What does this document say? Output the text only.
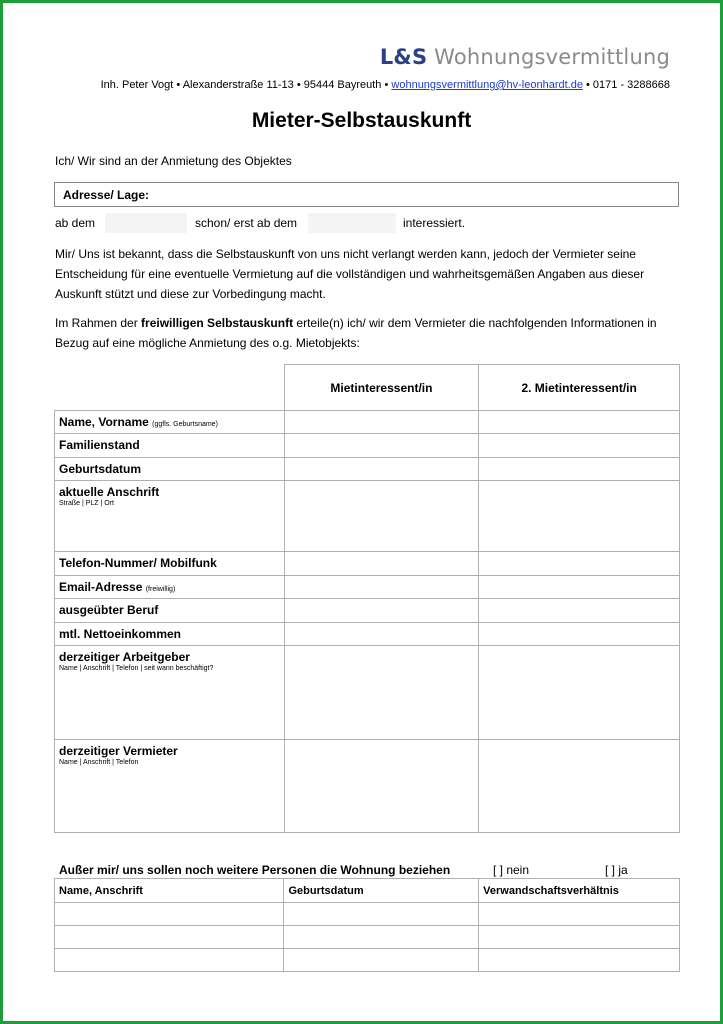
L&S Wohnungsvermittlung
Inh. Peter Vogt • Alexanderstraße 11-13 • 95444 Bayreuth • wohnungsvermittlung@hv-leonhardt.de • 0171 - 3288668
Mieter-Selbstauskunft
Ich/ Wir sind an der Anmietung des Objektes
Adresse/ Lage:
ab dem	schon/ erst ab dem	interessiert.
Mir/ Uns ist bekannt, dass die Selbstauskunft von uns nicht verlangt werden kann, jedoch der Vermieter seine Entscheidung für eine eventuelle Vermietung auf die vollständigen und wahrheitsgemäßen Angaben aus dieser Auskunft stützt und diese zur Vorbedingung macht.
Im Rahmen der freiwilligen Selbstauskunft erteile(n) ich/ wir dem Vermieter die nachfolgenden Informationen in Bezug auf eine mögliche Anmietung des o.g. Mietobjekts:
	Mietinteressent/in	2. Mietinteressent/in
Name, Vorname (ggfls. Geburtsname)		
Familienstand		
Geburtsdatum		
aktuelle Anschrift
Straße | PLZ | Ort		

Telefon-Nummer/ Mobilfunk		
Email-Adresse (freiwillig)		
ausgeübter Beruf		
mtl. Nettoeinkommen		
derzeitiger Arbeitgeber
Name | Anschrift | Telefon | seit wann beschäftigt?		

derzeitiger Vermieter
Name | Anschrift | Telefon		

Außer mir/ uns sollen noch weitere Personen die Wohnung beziehen	[ ] nein	[ ] ja
Name, Anschrift	Geburtsdatum	Verwandschaftsverhältnis
